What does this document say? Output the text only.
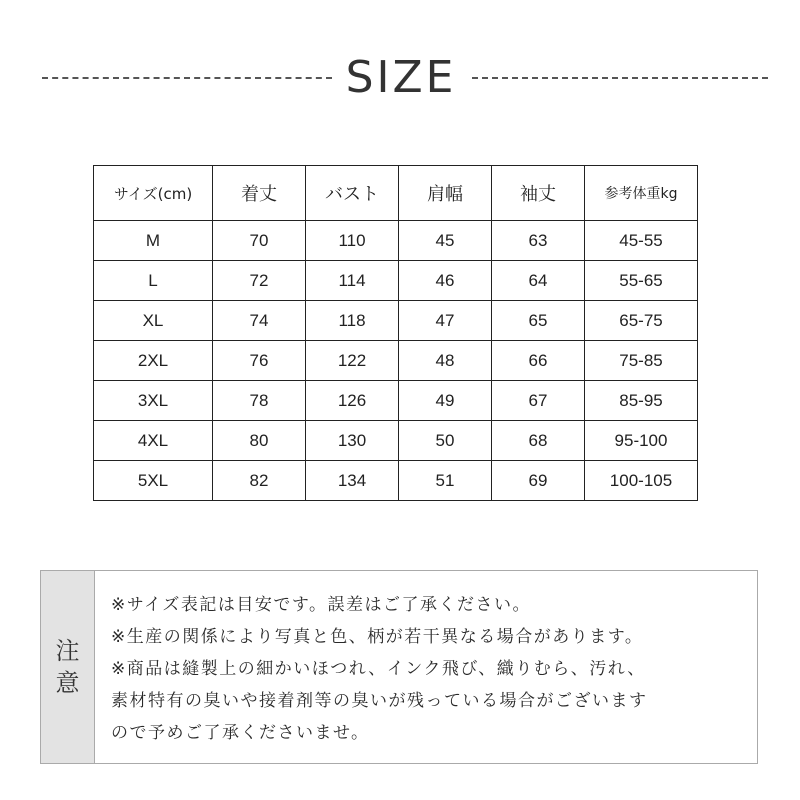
SIZE
サイズ(cm)	着丈	バスト	肩幅	袖丈	参考体重kg
M	70	110	45	63	45-55
L	72	114	46	64	55-65
XL	74	118	47	65	65-75
2XL	76	122	48	66	75-85
3XL	78	126	49	67	85-95
4XL	80	130	50	68	95-100
5XL	82	134	51	69	100-105
注
意
※サイズ表記は目安です。誤差はご了承ください。
※生産の関係により写真と色、柄が若干異なる場合があります。
※商品は縫製上の細かいほつれ、インク飛び、織りむら、汚れ、
素材特有の臭いや接着剤等の臭いが残っている場合がございます
ので予めご了承くださいませ。
